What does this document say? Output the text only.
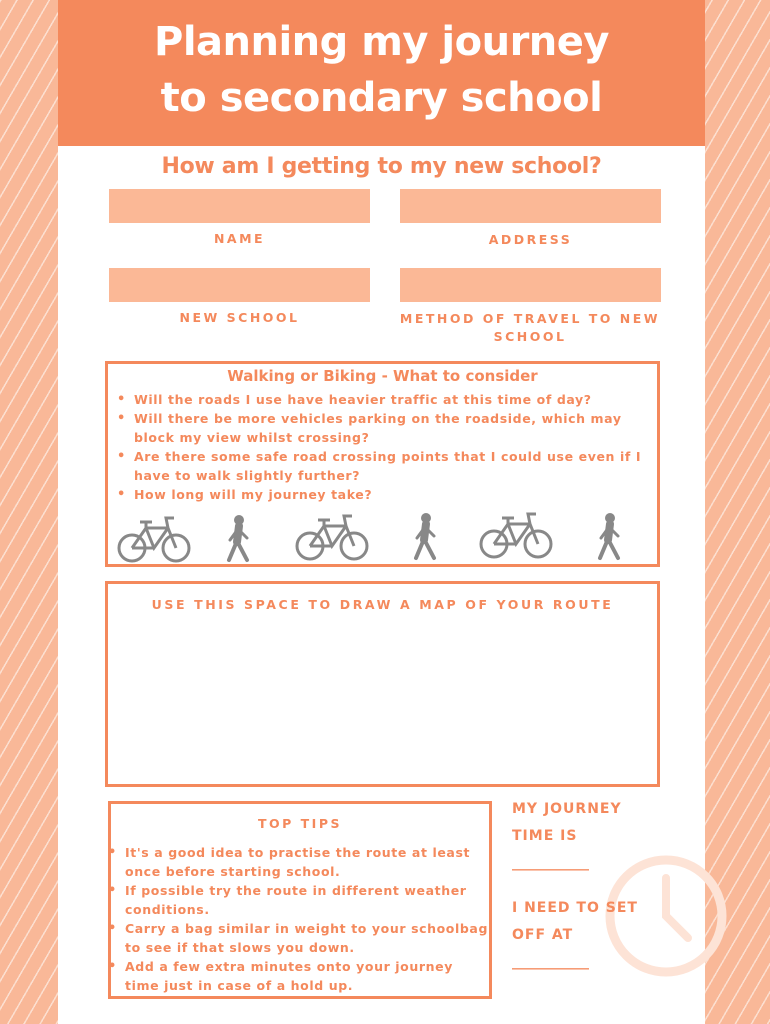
Planning my journey
to secondary school
How am I getting to my new school?
NAME	ADDRESS
NEW SCHOOL	METHOD OF TRAVEL TO NEW
SCHOOL
Walking or Biking - What to consider
• Will the roads I use have heavier traffic at this time of day?
• Will there be more vehicles parking on the roadside, which may block my view whilst crossing?
• Are there some safe road crossing points that I could use even if I have to walk slightly further?
• How long will my journey take?
USE THIS SPACE TO DRAW A MAP OF YOUR ROUTE
TOP TIPS
• It's a good idea to practise the route at least once before starting school.
• If possible try the route in different weather conditions.
• Carry a bag similar in weight to your schoolbag to see if that slows you down.
• Add a few extra minutes onto your journey time just in case of a hold up.
MY JOURNEY
TIME IS
___________
I NEED TO SET
OFF AT
___________
